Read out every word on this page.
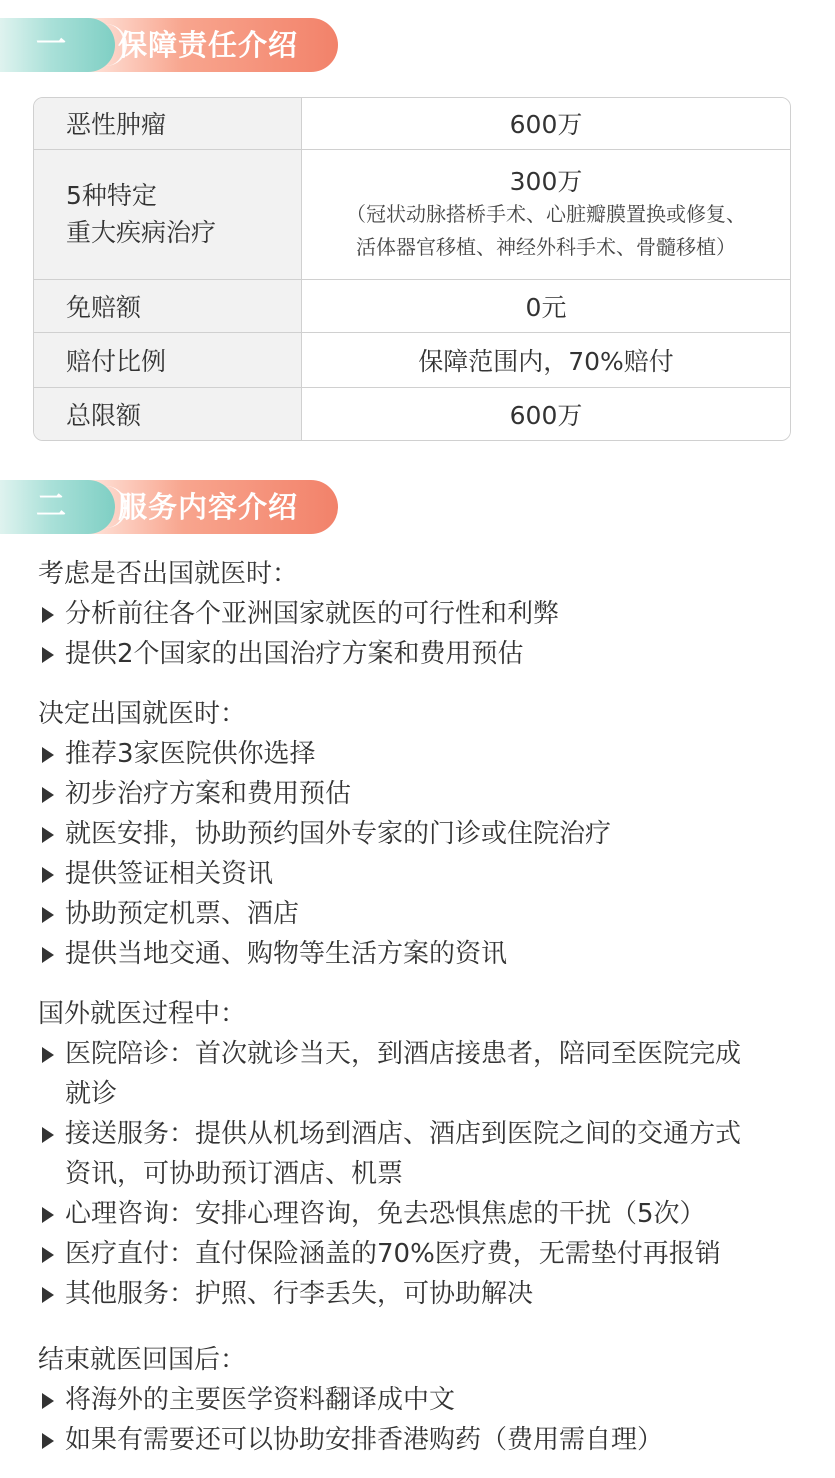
一 保障责任介绍
恶性肿瘤	600万
5种特定
重大疾病治疗	300万
（冠状动脉搭桥手术、心脏瓣膜置换或修复、
活体器官移植、神经外科手术、骨髓移植）

免赔额	0元
赔付比例	保障范围内，70%赔付
总限额	600万
二 服务内容介绍
考虑是否出国就医时：
分析前往各个亚洲国家就医的可行性和利弊
提供2个国家的出国治疗方案和费用预估
决定出国就医时：
推荐3家医院供你选择
初步治疗方案和费用预估
就医安排，协助预约国外专家的门诊或住院治疗
提供签证相关资讯
协助预定机票、酒店
提供当地交通、购物等生活方案的资讯
国外就医过程中：
医院陪诊：首次就诊当天，到酒店接患者，陪同至医院完成
就诊
接送服务：提供从机场到酒店、酒店到医院之间的交通方式
资讯，可协助预订酒店、机票
心理咨询：安排心理咨询，免去恐惧焦虑的干扰（5次）
医疗直付：直付保险涵盖的70%医疗费，无需垫付再报销
其他服务：护照、行李丢失，可协助解决
结束就医回国后：
将海外的主要医学资料翻译成中文
如果有需要还可以协助安排香港购药（费用需自理）
